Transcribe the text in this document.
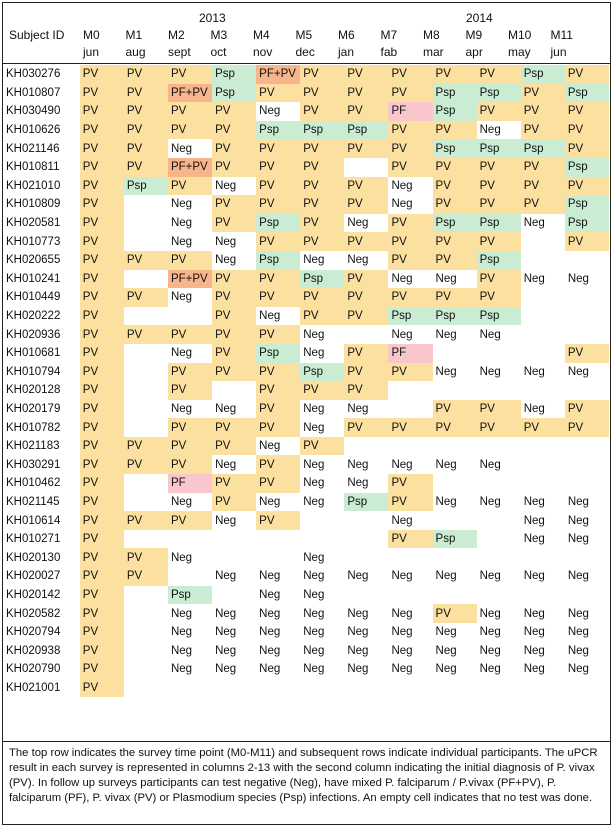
2013	2014
Subject ID M0 M1 M2 M3 M4 M5 M6 M7 M8 M9 M10 M11
jun aug sept oct nov dec jan fab mar apr may jun
KH030276	PV	PV	PV	Psp	PF+PV	PV	PV	PV	PV	PV	Psp	PV
KH010807	PV	PV	PF+PV	Psp	PV	PV	PV	PV	Psp	Psp	PV	Psp
KH030490	PV	PV	PV	PV	Neg	PV	PV	PF	Psp	PV	PV	PV
KH010626	PV	PV	PV	PV	Psp	Psp	Psp	PV	PV	Neg	PV	PV
KH021146	PV	PV	Neg	PV	PV	PV	PV	PV	Psp	Psp	Psp	PV
KH010811	PV	PV	PF+PV	PV	PV	PV		PV	PV	PV	PV	Psp
KH021010	PV	Psp	PV	Neg	PV	PV	PV	Neg	PV	PV	PV	PV
KH010809	PV		Neg	PV	PV	PV	PV	Neg	PV	PV	PV	Psp
KH020581	PV		Neg	PV	Psp	PV	Neg	PV	Psp	Psp	Neg	Psp
KH010773	PV		Neg	Neg	PV	PV	PV	PV	PV	PV		PV
KH020655	PV	PV	PV	Neg	Psp	Neg	Neg	PV	PV	Psp		
KH010241	PV		PF+PV	PV	PV	Psp	PV	Neg	Neg	PV	Neg	Neg
KH010449	PV	PV	Neg	PV	PV	PV	PV	PV	PV	PV		
KH020222	PV			PV	Neg	PV	PV	Psp	Psp	Psp		
KH020936	PV	PV	PV	PV	PV	Neg		Neg	Neg	Neg		
KH010681	PV		Neg	PV	Psp	Neg	PV	PF				PV
KH010794	PV		PV	PV	PV	Psp	PV	PV	Neg	Neg	Neg	Neg
KH020128	PV		PV		PV	PV	PV					
KH020179	PV		Neg	Neg	PV	Neg	Neg		PV	PV	Neg	PV
KH010782	PV		PV	PV	PV	Neg	PV	PV	PV	PV	PV	PV
KH021183	PV	PV	PV	PV	Neg	PV						
KH030291	PV	PV	PV	Neg	PV	Neg	Neg	Neg	Neg	Neg		
KH010462	PV		PF	PV	PV	Neg	Neg	PV				
KH021145	PV		Neg	PV	Neg	Neg	Psp	PV	Neg	Neg	Neg	Neg
KH010614	PV	PV	PV	Neg	PV			Neg			Neg	Neg
KH010271	PV							PV	Psp		Neg	Neg
KH020130	PV	PV	Neg			Neg						
KH020027	PV	PV		Neg	Neg	Neg	Neg	Neg	Neg	Neg	Neg	Neg
KH020142	PV		Psp		Neg	Neg						
KH020582	PV		Neg	Neg	Neg	Neg	Neg	Neg	PV	Neg	Neg	Neg
KH020794	PV		Neg	Neg	Neg	Neg	Neg	Neg	Neg	Neg	Neg	Neg
KH020938	PV		Neg	Neg	Neg	Neg	Neg	Neg	Neg	Neg	Neg	Neg
KH020790	PV		Neg	Neg	Neg	Neg	Neg	Neg	Neg	Neg	Neg	Neg
KH021001	PV											
The top row indicates the survey time point (M0-M11) and subsequent rows indicate individual participants. The uPCR result in each survey is represented in columns 2-13 with the second column indicating the initial diagnosis of P. vivax (PV). In follow up surveys participants can test negative (Neg), have mixed P. falciparum / P.vivax (PF+PV), P. falciparum (PF), P. vivax (PV) or Plasmodium species (Psp) infections. An empty cell indicates that no test was done.
